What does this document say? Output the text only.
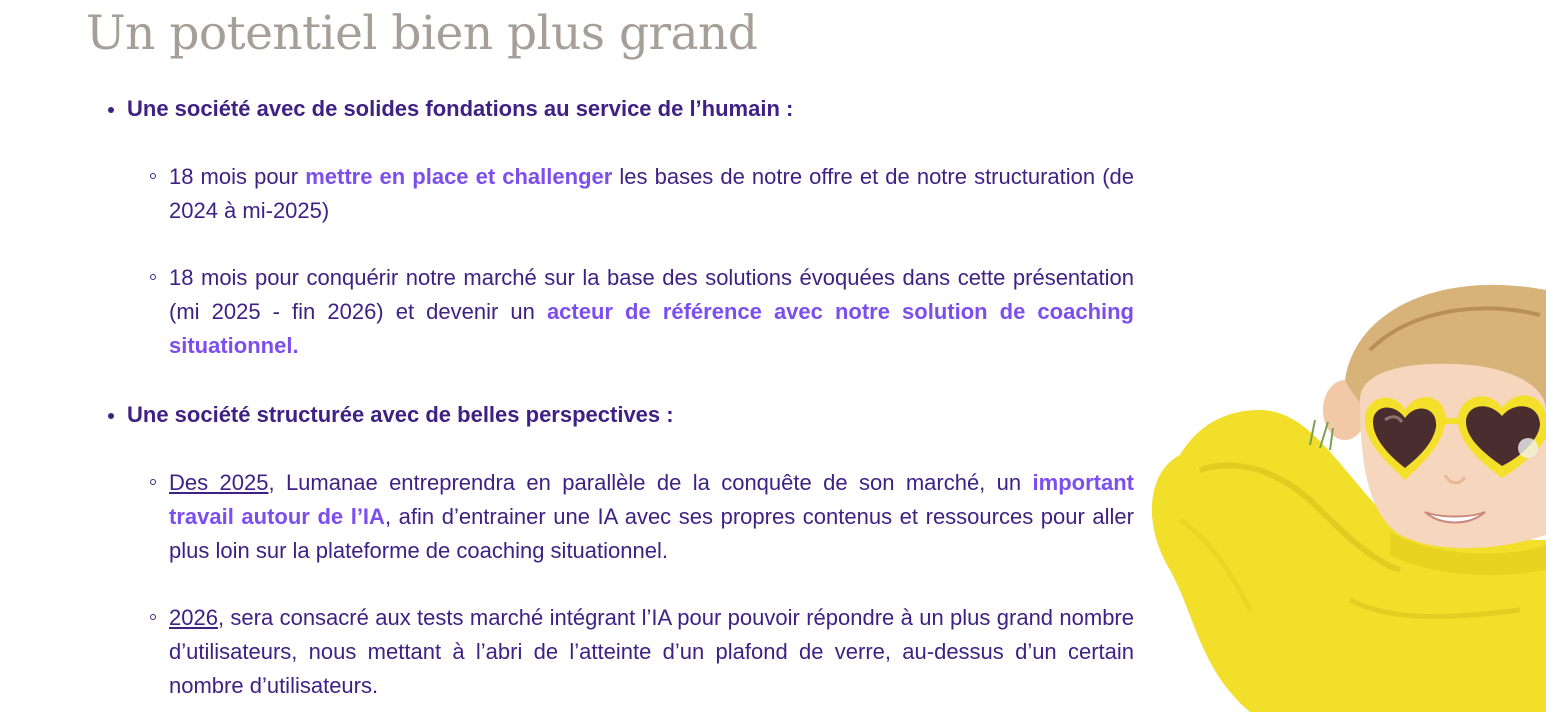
Un potentiel bien plus grand

Une société avec de solides fondations au service de l’humain :

18 mois pour mettre en place et challenger les bases de notre offre et de notre structuration (de 2024 à mi-2025)

18 mois pour conquérir notre marché sur la base des solutions évoquées dans cette présentation (mi 2025 - fin 2026) et devenir un acteur de référence avec notre solution de coaching situationnel.

Une société structurée avec de belles perspectives :

Des 2025, Lumanae entreprendra en parallèle de la conquête de son marché, un important travail autour de l’IA, afin d’entrainer une IA avec ses propres contenus et ressources pour aller plus loin sur la plateforme de coaching situationnel.

2026, sera consacré aux tests marché intégrant l’IA pour pouvoir répondre à un plus grand nombre d’utilisateurs, nous mettant à l’abri de l’atteinte d’un plafond de verre, au-dessus d’un certain nombre d’utilisateurs.
